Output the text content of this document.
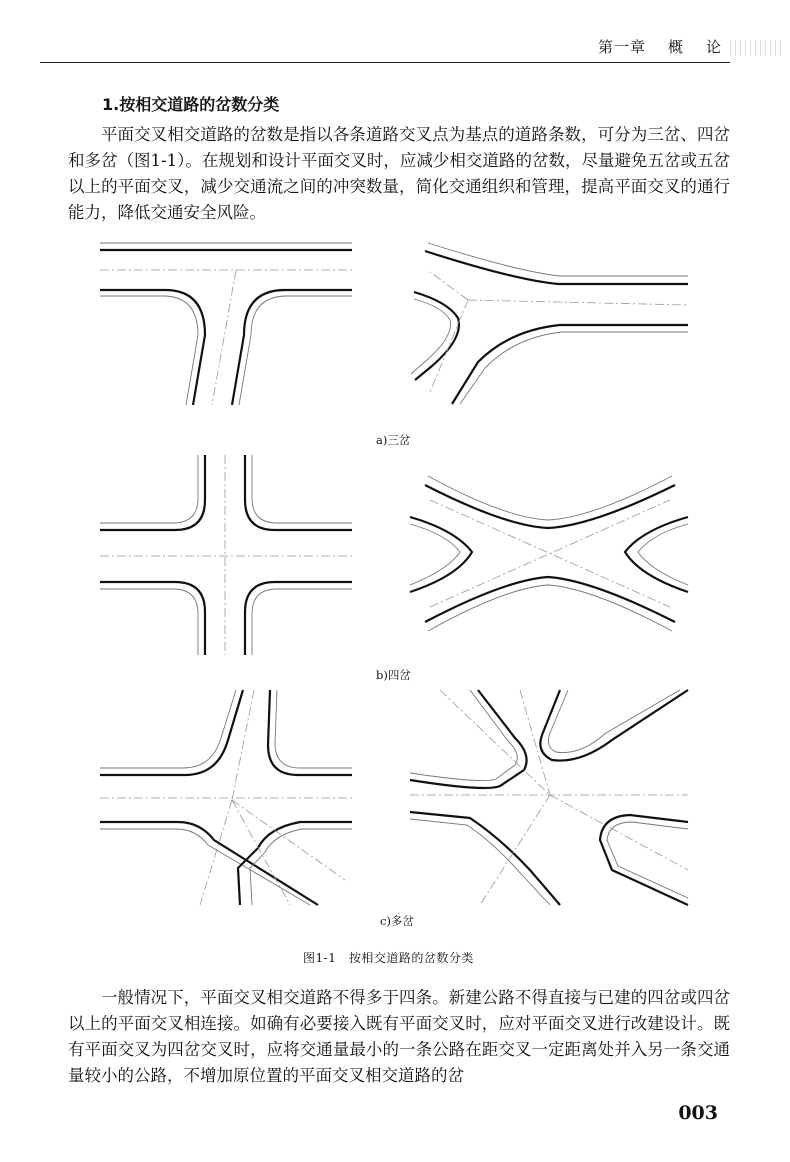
第一章 概 论
1.按相交道路的岔数分类

平面交叉相交道路的岔数是指以各条道路交叉点为基点的道路条数，可分为三岔、四岔和多岔（图1-1）。在规划和设计平面交叉时，应减少相交道路的岔数，尽量避免五岔或五岔以上的平面交叉，减少交通流之间的冲突数量，简化交通组织和管理，提高平面交叉的通行能力，降低交通安全风险。

a)三岔
b)四岔
c)多岔
图1-1　按相交道路的岔数分类

一般情况下，平面交叉相交道路不得多于四条。新建公路不得直接与已建的四岔或四岔以上的平面交叉相连接。如确有必要接入既有平面交叉时，应对平面交叉进行改建设计。既有平面交叉为四岔交叉时，应将交通量最小的一条公路在距交叉一定距离处并入另一条交通量较小的公路，不增加原位置的平面交叉相交道路的岔

003
